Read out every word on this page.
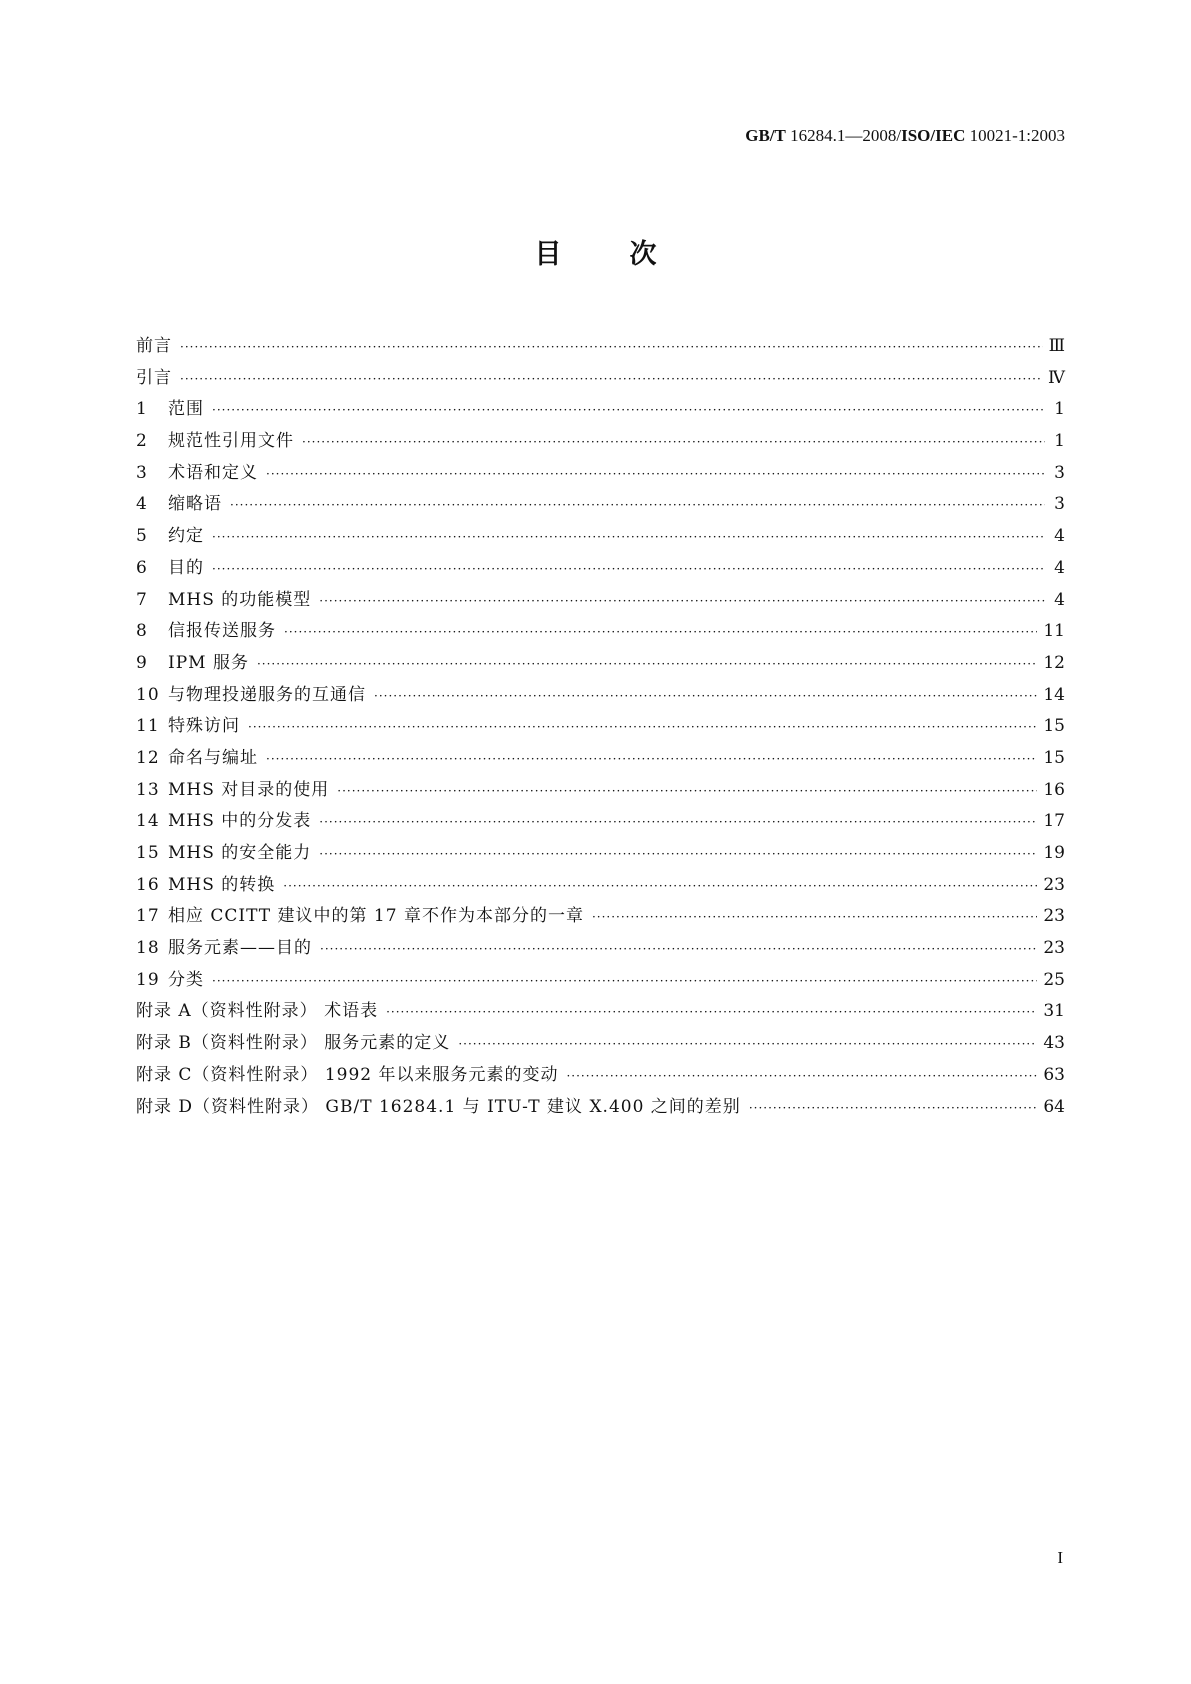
GB/T 16284.1—2008/ISO/IEC 10021-1:2003
目次
前言 ·····	Ⅲ
引言 ·····	Ⅳ
1 范围 ·····	1
2 规范性引用文件 ·····	1
3 术语和定义 ·····	3
4 缩略语 ·····	3
5 约定 ·····	4
6 目的 ·····	4
7 MHS 的功能模型 ·····	4
8 信报传送服务 ·····	11
9 IPM 服务 ·····	12
10 与物理投递服务的互通信 ·····	14
11 特殊访问 ·····	15
12 命名与编址 ·····	15
13 MHS 对目录的使用 ·····	16
14 MHS 中的分发表 ·····	17
15 MHS 的安全能力 ·····	19
16 MHS 的转换 ·····	23
17 相应 CCITT 建议中的第 17 章不作为本部分的一章 ·····	23
18 服务元素——目的 ·····	23
19 分类 ·····	25
附录 A（资料性附录） 术语表 ·····	31
附录 B（资料性附录） 服务元素的定义 ·····	43
附录 C（资料性附录） 1992 年以来服务元素的变动 ·····	63
附录 D（资料性附录） GB/T 16284.1 与 ITU-T 建议 X.400 之间的差别 ·····	64
I
